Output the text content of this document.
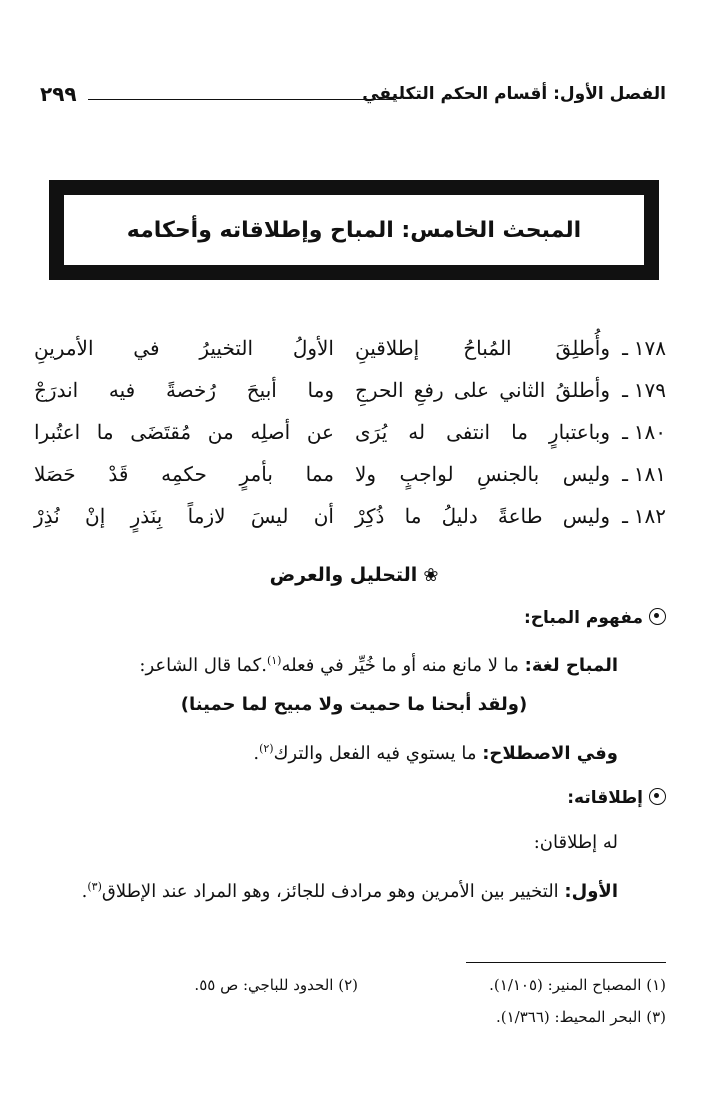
الفصل الأول: أقسام الحكم التكليفي
٢٩٩
المبحث الخامس: المباح وإطلاقاته وأحكامه
١٧٨
ـ
وأُطلِقَ المُباحُ إطلاقينِ
الأولُ التخييرُ في الأمرينِ
١٧٩
ـ
وأطلقُ الثاني على رفعِ الحرجِ
وما أبيحَ رُخصةً فيه اندرَجْ
١٨٠
ـ
وباعتبارٍ ما انتفى له يُرَى
عن أصلِه من مُقتَضَى ما اعتُبرا
١٨١
ـ
وليس بالجنسِ لواجبٍ ولا
مما بأمرٍ حكمِه قَدْ حَصَلا
١٨٢
ـ
وليس طاعةً دليلُ ما ذُكِرْ
أن ليسَ لازماً بِنَذرٍ إنْ نُذِرْ
❀التحليل والعرض
مفهوم المباح:
المباح لغة: ما لا مانع منه أو ما خُيِّر في فعله$^{(١)}$.كما قال الشاعر:
(ولقد أبحنا ما حميت ولا مبيح لما حمينا)
وفي الاصطلاح: ما يستوي فيه الفعل والترك$^{(٢)}$.
إطلاقاته:
له إطلاقان:
الأول: التخيير بين الأمرين وهو مرادف للجائز، وهو المراد عند الإطلاق$^{(٣)}$.
(١) المصباح المنير: (١/١٠٥).
(٢) الحدود للباجي: ص ٥٥.
(٣) البحر المحيط: (١/٣٦٦).
